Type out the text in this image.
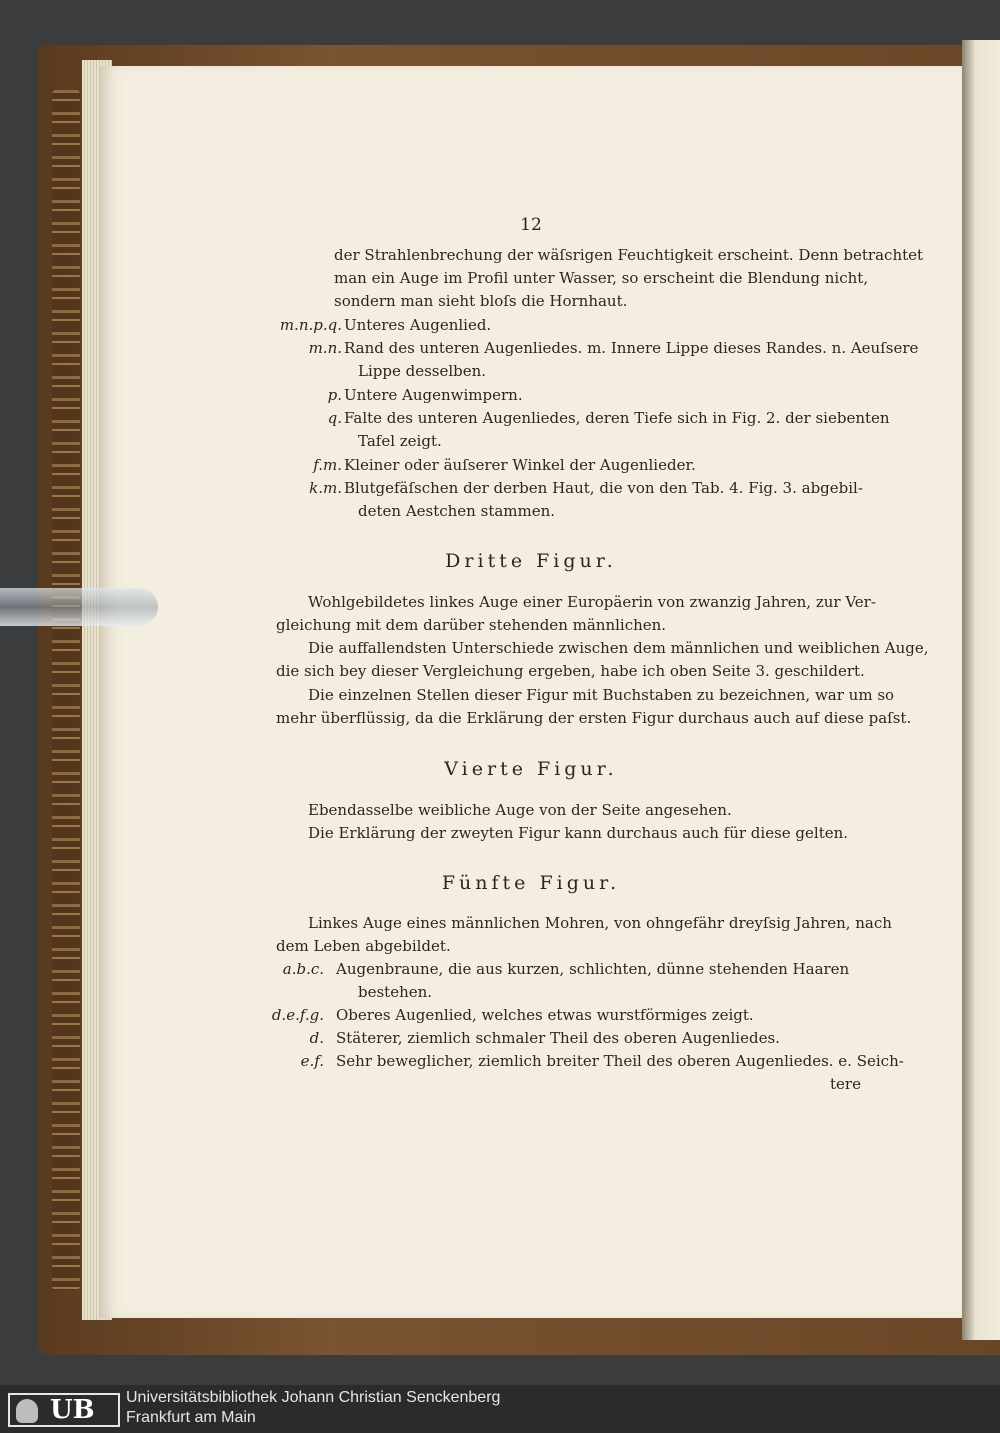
12
der Strahlenbrechung der wäſsrigen Feuchtigkeit erscheint. Denn betrachtet
man ein Auge im Profil unter Wasser, so erscheint die Blendung nicht,
sondern man sieht bloſs die Hornhaut.
m.n.p.q. Unteres Augenlied.
m.n. Rand des unteren Augenliedes. m. Innere Lippe dieses Randes. n. Aeuſsere
Lippe desselben.
p. Untere Augenwimpern.
q. Falte des unteren Augenliedes, deren Tiefe sich in Fig. 2. der siebenten
Tafel zeigt.
f.m. Kleiner oder äuſserer Winkel der Augenlieder.
k.m. Blutgefäſschen der derben Haut, die von den Tab. 4. Fig. 3. abgebil-
deten Aestchen stammen.
Dritte Figur.
Wohlgebildetes linkes Auge einer Europäerin von zwanzig Jahren, zur Ver-
gleichung mit dem darüber stehenden männlichen.
Die auffallendsten Unterschiede zwischen dem männlichen und weiblichen Auge,
die sich bey dieser Vergleichung ergeben, habe ich oben Seite 3. geschildert.
Die einzelnen Stellen dieser Figur mit Buchstaben zu bezeichnen, war um so
mehr überflüssig, da die Erklärung der ersten Figur durchaus auch auf diese paſst.
Vierte Figur.
Ebendasselbe weibliche Auge von der Seite angesehen.
Die Erklärung der zweyten Figur kann durchaus auch für diese gelten.
Fünfte Figur.
Linkes Auge eines männlichen Mohren, von ohngefähr dreyſsig Jahren, nach
dem Leben abgebildet.
a.b.c. Augenbraune, die aus kurzen, schlichten, dünne stehenden Haaren
bestehen.
d.e.f.g. Oberes Augenlied, welches etwas wurstförmiges zeigt.
d. Stäterer, ziemlich schmaler Theil des oberen Augenliedes.
e.f. Sehr beweglicher, ziemlich breiter Theil des oberen Augenliedes. e. Seich-
tere
UB Universitätsbibliothek Johann Christian Senckenberg
Frankfurt am Main
